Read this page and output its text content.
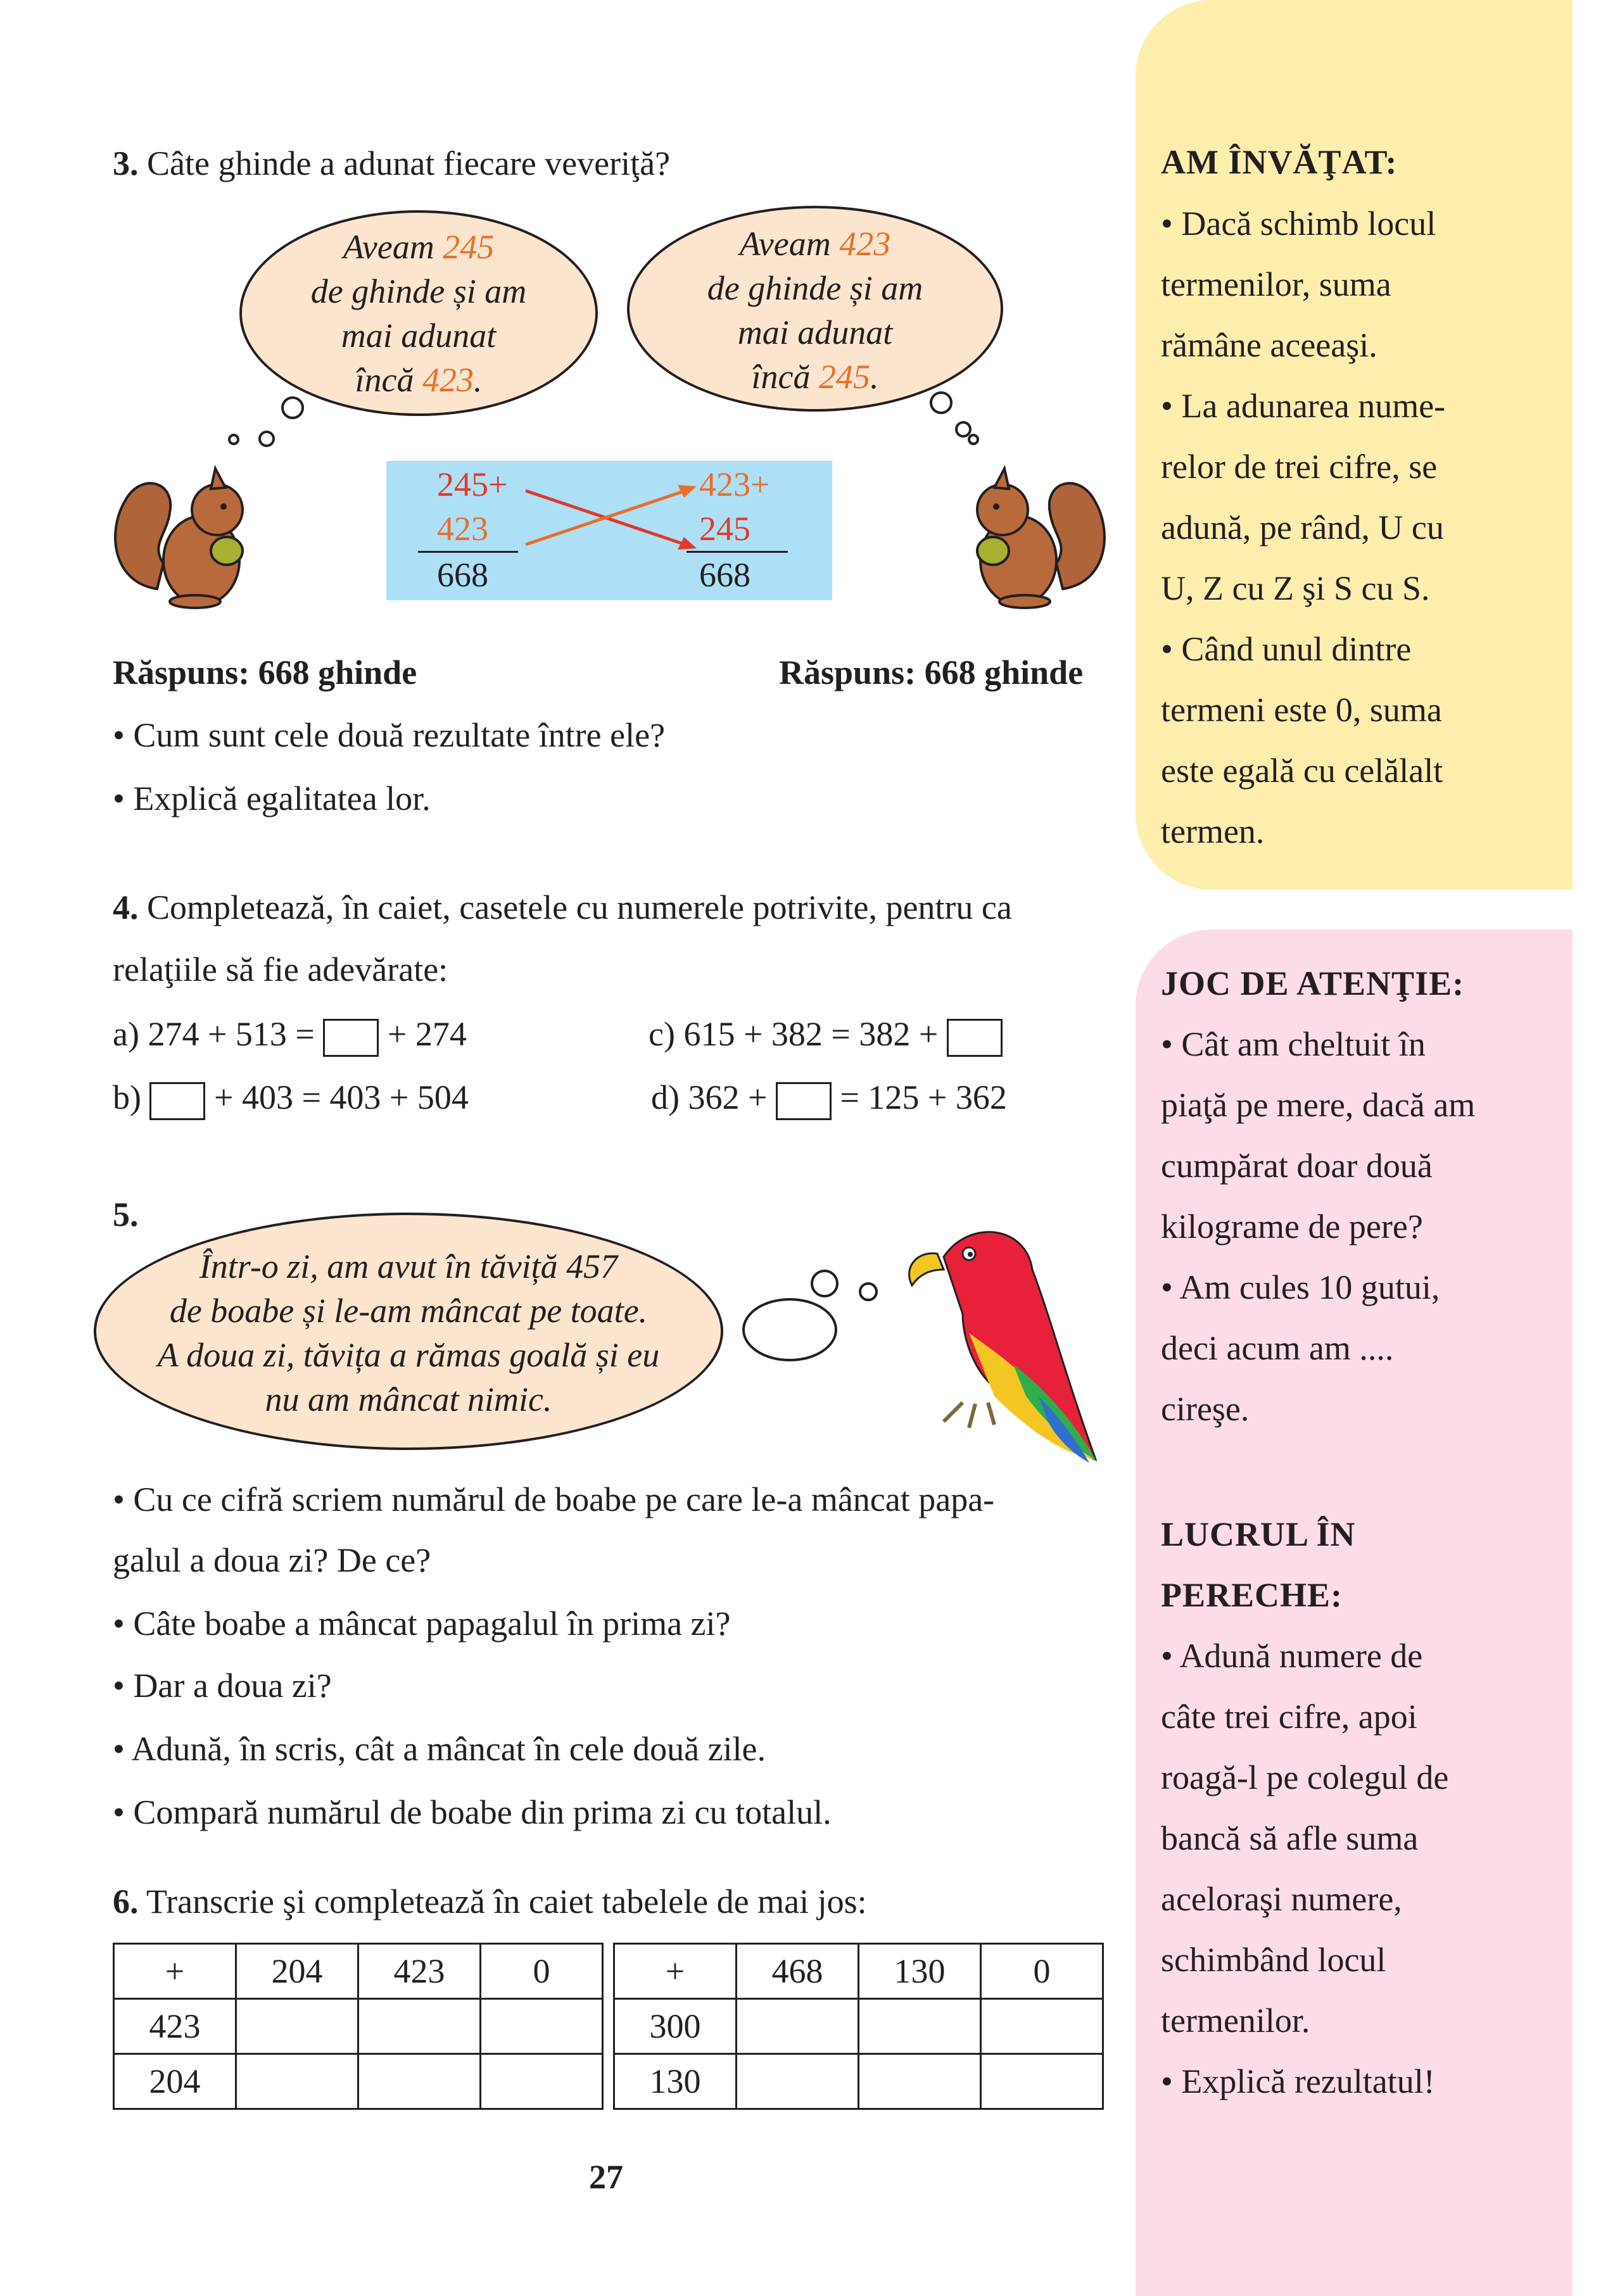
AM ÎNVĂŢAT:
• Dacă schimb locul
termenilor, suma
rămâne aceeaşi.
• La adunarea nume-
relor de trei cifre, se
adună, pe rând, U cu
U, Z cu Z şi S cu S.
• Când unul dintre
termeni este 0, suma
este egală cu celălalt
termen.
JOC DE ATENŢIE:
• Cât am cheltuit în
piaţă pe mere, dacă am
cumpărat doar două
kilograme de pere?
• Am cules 10 gutui,
deci acum am ....
cireşe.
LUCRUL ÎN
PERECHE:
• Adună numere de
câte trei cifre, apoi
roagă-l pe colegul de
bancă să afle suma
aceloraşi numere,
schimbând locul
termenilor.
• Explică rezultatul!
3. Câte ghinde a adunat fiecare veveriţă?
Aveam 245
de ghinde și am
mai adunat
încă 423.
Aveam 423
de ghinde și am
mai adunat
încă 245.
245+
423
668
423+
245
668
Răspuns: 668 ghinde	Răspuns: 668 ghinde
• Cum sunt cele două rezultate între ele?
• Explică egalitatea lor.
4. Completează, în caiet, casetele cu numerele potrivite, pentru ca
relaţiile să fie adevărate:
a) 274 + 513 = + 274	c) 615 + 382 = 382 +
b) + 403 = 403 + 504	d) 362 + = 125 + 362
5.
Într-o zi, am avut în tăviță 457
de boabe și le-am mâncat pe toate.
A doua zi, tăvița a rămas goală și eu
nu am mâncat nimic.
• Cu ce cifră scriem numărul de boabe pe care le-a mâncat papa-
galul a doua zi? De ce?
• Câte boabe a mâncat papagalul în prima zi?
• Dar a doua zi?
• Adună, în scris, cât a mâncat în cele două zile.
• Compară numărul de boabe din prima zi cu totalul.
6. Transcrie şi completează în caiet tabelele de mai jos:
+	204	423	0
423			
204			
+	468	130	0
300			
130			
27
